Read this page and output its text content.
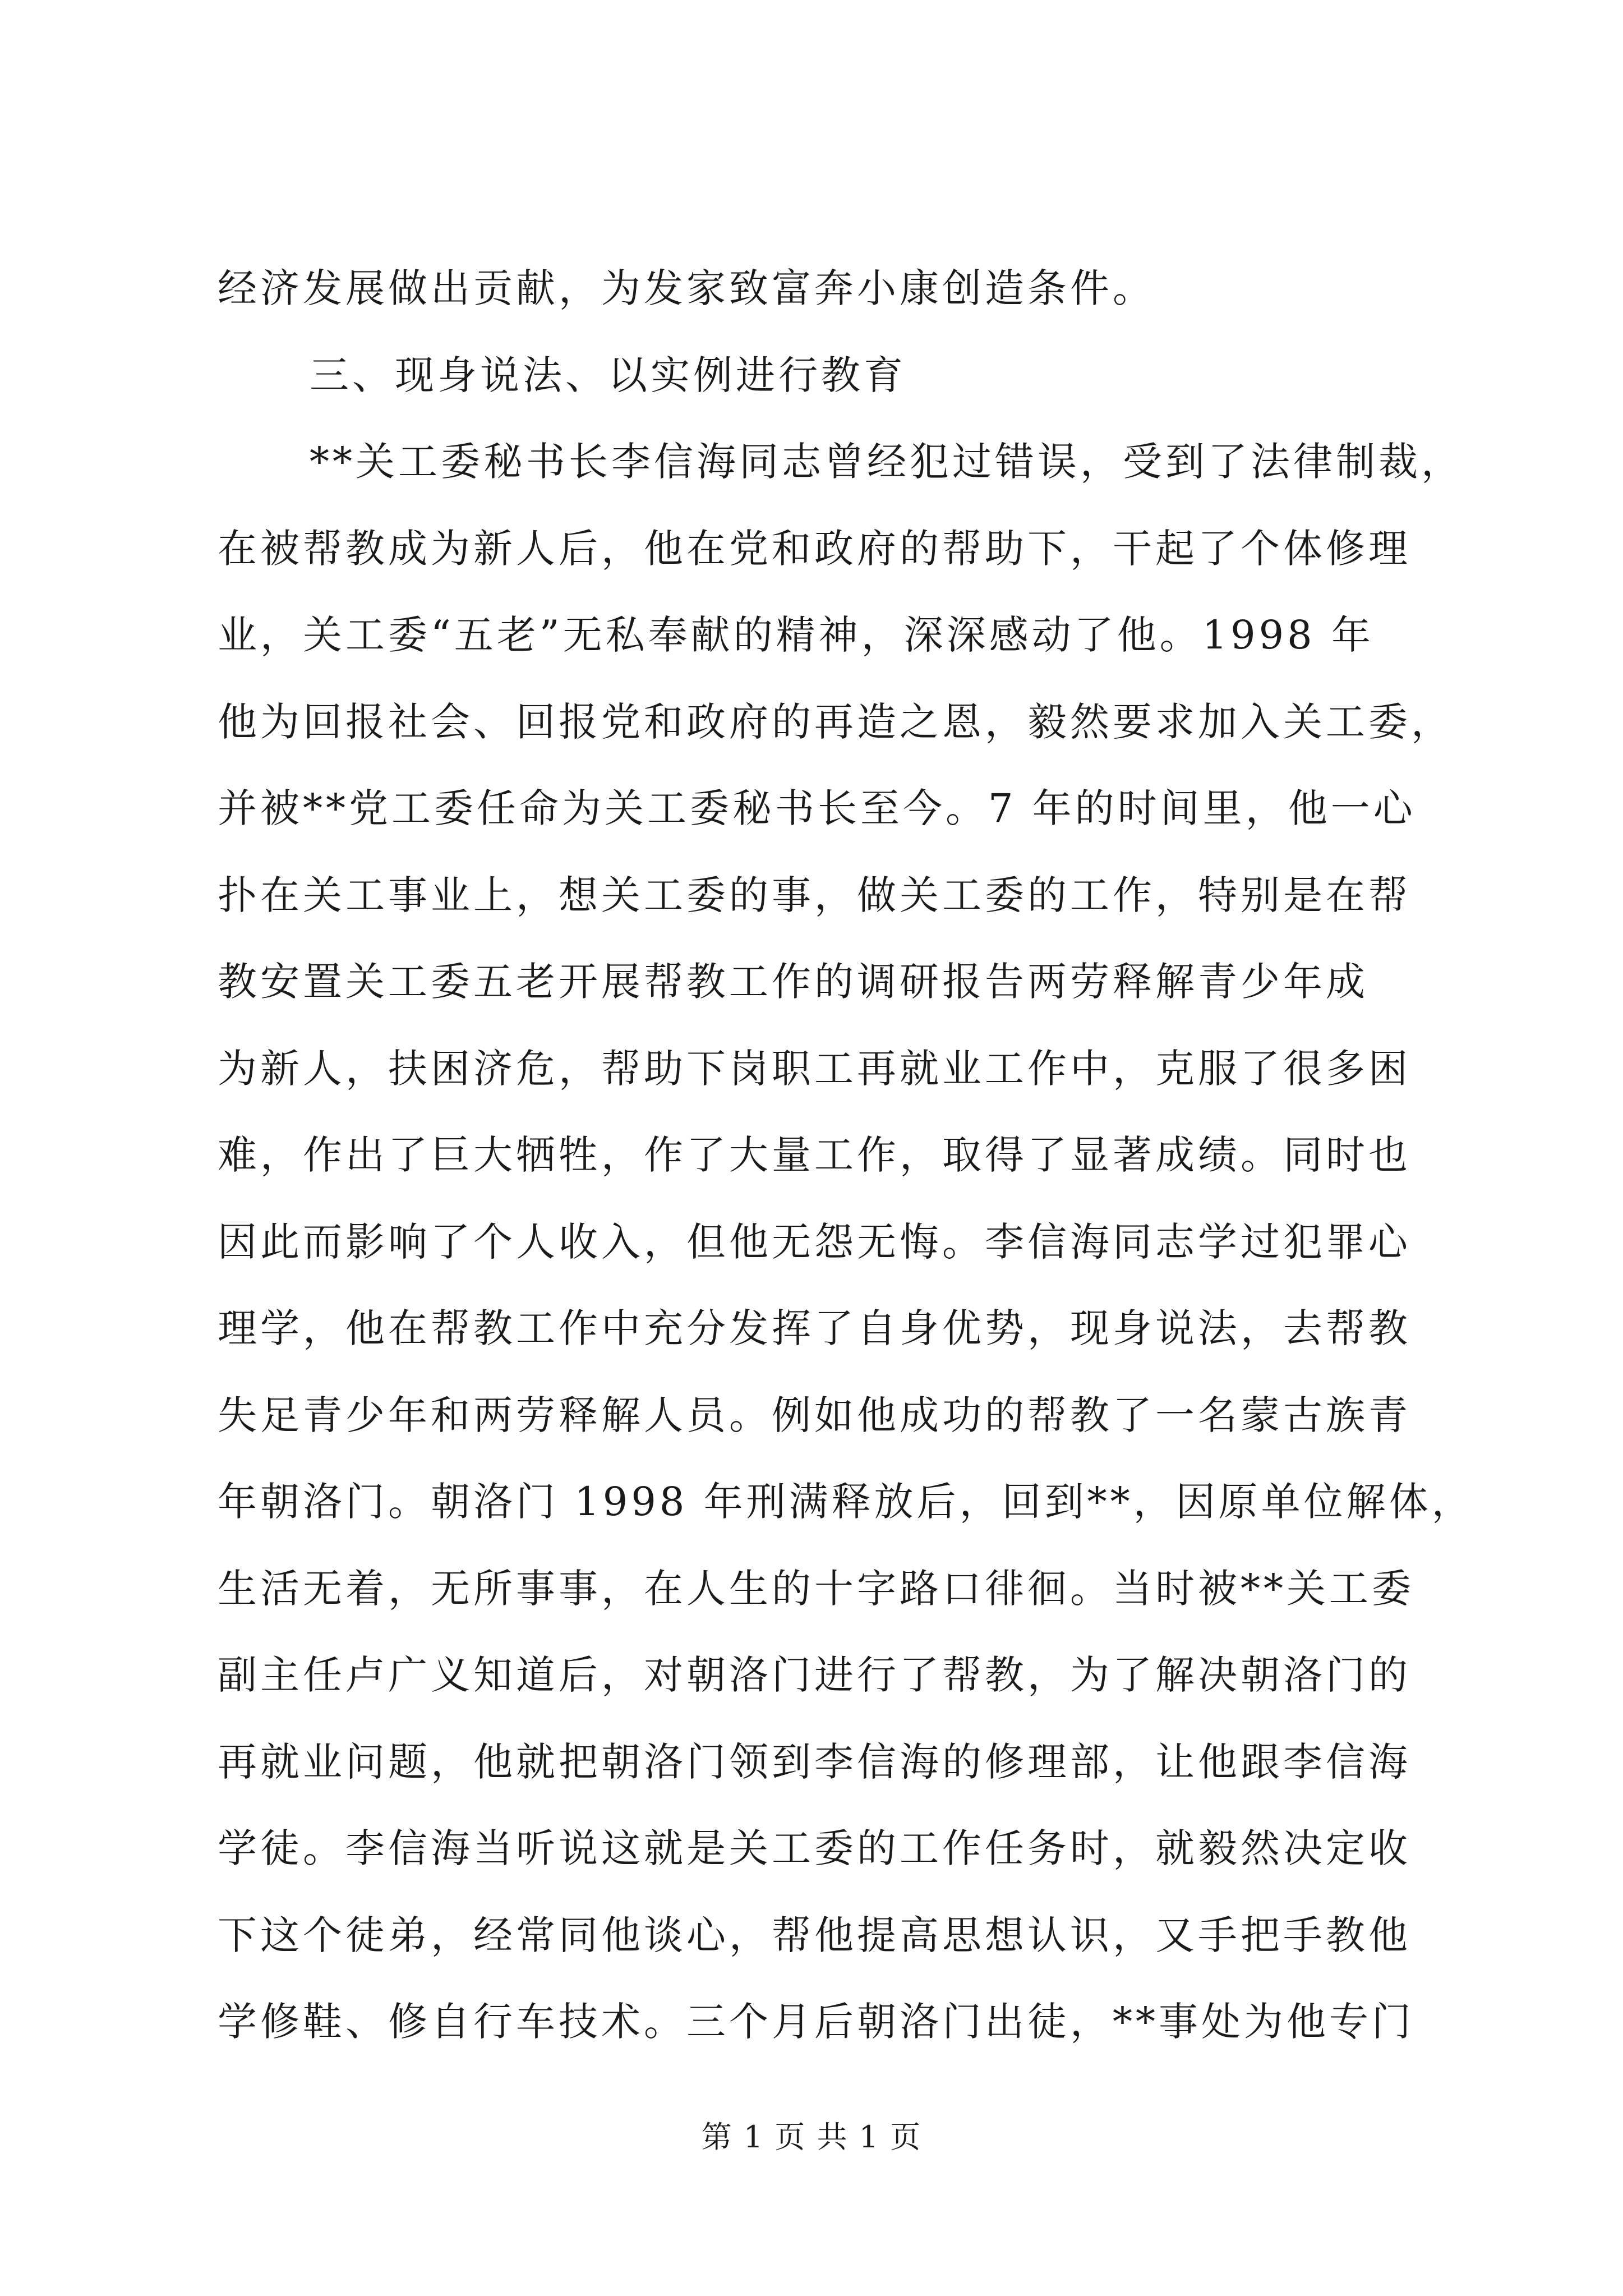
经济发展做出贡献，为发家致富奔小康创造条件。
三、现身说法、以实例进行教育
**关工委秘书长李信海同志曾经犯过错误，受到了法律制裁，
在被帮教成为新人后，他在党和政府的帮助下，干起了个体修理
业，关工委“五老”无私奉献的精神，深深感动了他。1998 年
他为回报社会、回报党和政府的再造之恩，毅然要求加入关工委，
并被**党工委任命为关工委秘书长至今。7 年的时间里，他一心
扑在关工事业上，想关工委的事，做关工委的工作，特别是在帮
教安置关工委五老开展帮教工作的调研报告两劳释解青少年成
为新人，扶困济危，帮助下岗职工再就业工作中，克服了很多困
难，作出了巨大牺牲，作了大量工作，取得了显著成绩。同时也
因此而影响了个人收入，但他无怨无悔。李信海同志学过犯罪心
理学，他在帮教工作中充分发挥了自身优势，现身说法，去帮教
失足青少年和两劳释解人员。例如他成功的帮教了一名蒙古族青
年朝洛门。朝洛门 1998 年刑满释放后，回到**，因原单位解体，
生活无着，无所事事，在人生的十字路口徘徊。当时被**关工委
副主任卢广义知道后，对朝洛门进行了帮教，为了解决朝洛门的
再就业问题，他就把朝洛门领到李信海的修理部，让他跟李信海
学徒。李信海当听说这就是关工委的工作任务时，就毅然决定收
下这个徒弟，经常同他谈心，帮他提高思想认识，又手把手教他
学修鞋、修自行车技术。三个月后朝洛门出徒，**事处为他专门
第 1 页 共 1 页
